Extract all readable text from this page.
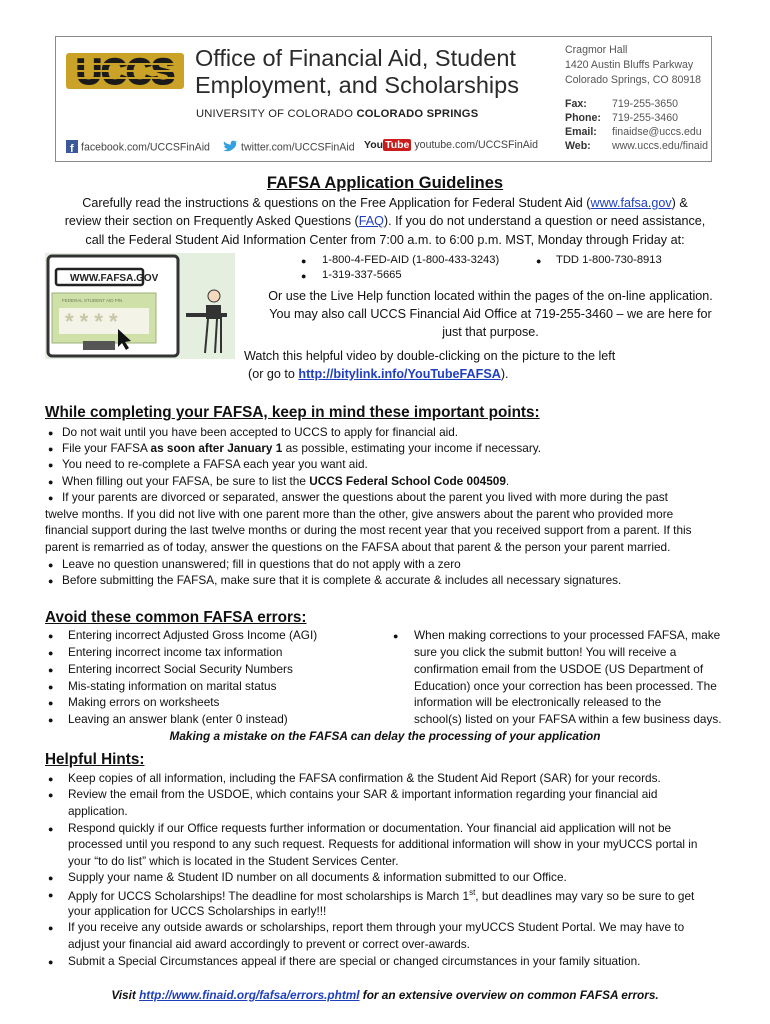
UCCS Office of Financial Aid, Student
Employment, and Scholarships
UNIVERSITY OF COLORADO COLORADO SPRINGS
Cragmor Hall
1420 Austin Bluffs Parkway
Colorado Springs, CO 80918
Fax: 719-255-3650
Phone: 719-255-3460
Email: finaidse@uccs.edu
Web: www.uccs.edu/finaid
f facebook.com/UCCSFinAid	twitter.com/UCCSFinAid You Tube youtube.com/UCCSFinAid
FAFSA Application Guidelines
Carefully read the instructions & questions on the Free Application for Federal Student Aid (www.fafsa.gov) &
review their section on Frequently Asked Questions (FAQ). If you do not understand a question or need assistance,
call the Federal Student Aid Information Center from 7:00 a.m. to 6:00 p.m. MST, Monday through Friday at:
WWW.FAFSA.GOV
FEDERAL STUDENT AID PIN
* * * *
● 1-800-4-FED-AID (1-800-433-3243)	● TDD 1-800-730-8913
● 1-319-337-5665
Or use the Live Help function located within the pages of the on-line application.
You may also call UCCS Financial Aid Office at 719-255-3460 – we are here for
just that purpose.
Watch this helpful video by double-clicking on the picture to the left
(or go to http://bitylink.info/YouTubeFAFSA).
While completing your FAFSA, keep in mind these important points:
● Do not wait until you have been accepted to UCCS to apply for financial aid.
● File your FAFSA as soon after January 1 as possible, estimating your income if necessary.
● You need to re-complete a FAFSA each year you want aid.
● When filling out your FAFSA, be sure to list the UCCS Federal School Code 004509.
● If your parents are divorced or separated, answer the questions about the parent you lived with more during the past
twelve months. If you did not live with one parent more than the other, give answers about the parent who provided more
financial support during the last twelve months or during the most recent year that you received support from a parent. If this
parent is remarried as of today, answer the questions on the FAFSA about that parent & the person your parent married.
● Leave no question unanswered; fill in questions that do not apply with a zero
● Before submitting the FAFSA, make sure that it is complete & accurate & includes all necessary signatures.
Avoid these common FAFSA errors:
● Entering incorrect Adjusted Gross Income (AGI)
● Entering incorrect income tax information
● Entering incorrect Social Security Numbers
● Mis-stating information on marital status
● Making errors on worksheets
● Leaving an answer blank (enter 0 instead)
● When making corrections to your processed FAFSA, make
sure you click the submit button! You will receive a
confirmation email from the USDOE (US Department of
Education) once your correction has been processed. The
information will be electronically released to the
school(s) listed on your FAFSA within a few business days.
Making a mistake on the FAFSA can delay the processing of your application
Helpful Hints:
● Keep copies of all information, including the FAFSA confirmation & the Student Aid Report (SAR) for your records.
● Review the email from the USDOE, which contains your SAR & important information regarding your financial aid
application.
● Respond quickly if our Office requests further information or documentation. Your financial aid application will not be
processed until you respond to any such request. Requests for additional information will show in your myUCCS portal in
your “to do list” which is located in the Student Services Center.
● Supply your name & Student ID number on all documents & information submitted to our Office.
● Apply for UCCS Scholarships! The deadline for most scholarships is March 1st, but deadlines may vary so be sure to get
your application for UCCS Scholarships in early!!!
● If you receive any outside awards or scholarships, report them through your myUCCS Student Portal. We may have to
adjust your financial aid award accordingly to prevent or correct over-awards.
● Submit a Special Circumstances appeal if there are special or changed circumstances in your family situation.
Visit http://www.finaid.org/fafsa/errors.phtml for an extensive overview on common FAFSA errors.
